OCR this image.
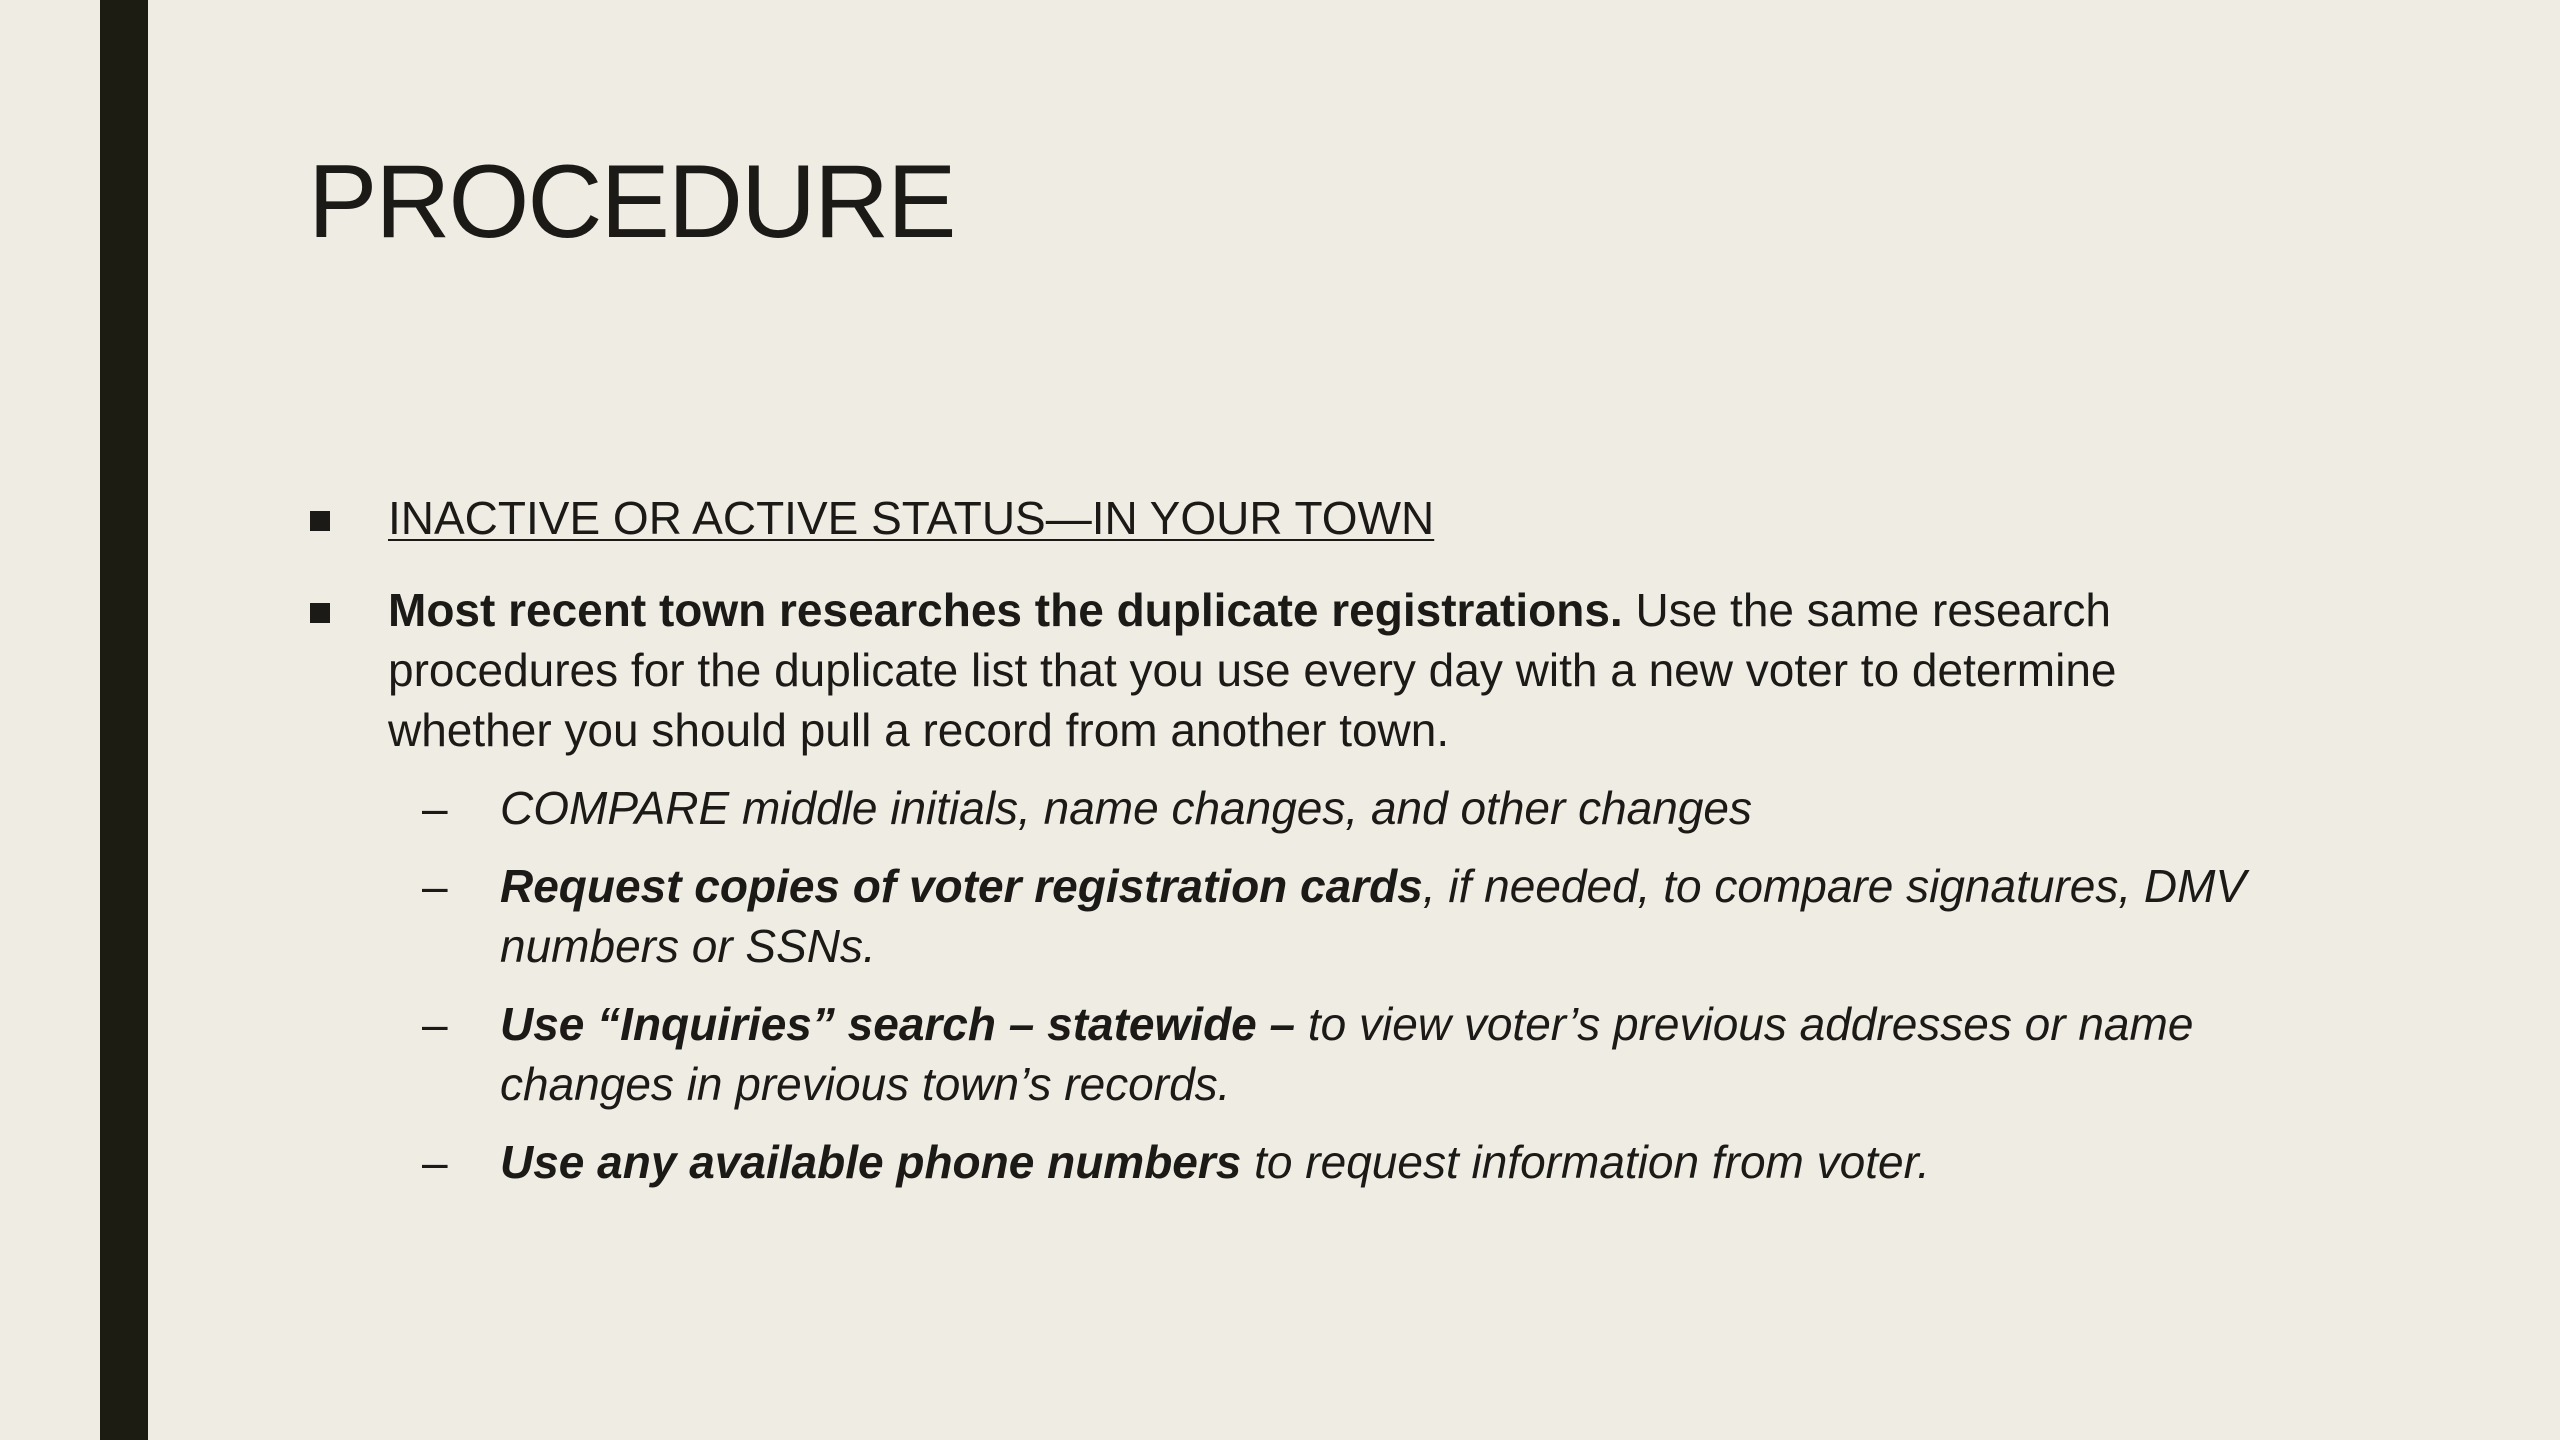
PROCEDURE
INACTIVE OR ACTIVE STATUS—IN YOUR TOWN
Most recent town researches the duplicate registrations. Use the same research procedures for the duplicate list that you use every day with a new voter to determine whether you should pull a record from another town.
– COMPARE middle initials, name changes, and other changes
– Request copies of voter registration cards, if needed, to compare signatures, DMV numbers or SSNs.
– Use “Inquiries” search – statewide – to view voter’s previous addresses or name changes in previous town’s records.
– Use any available phone numbers to request information from voter.
